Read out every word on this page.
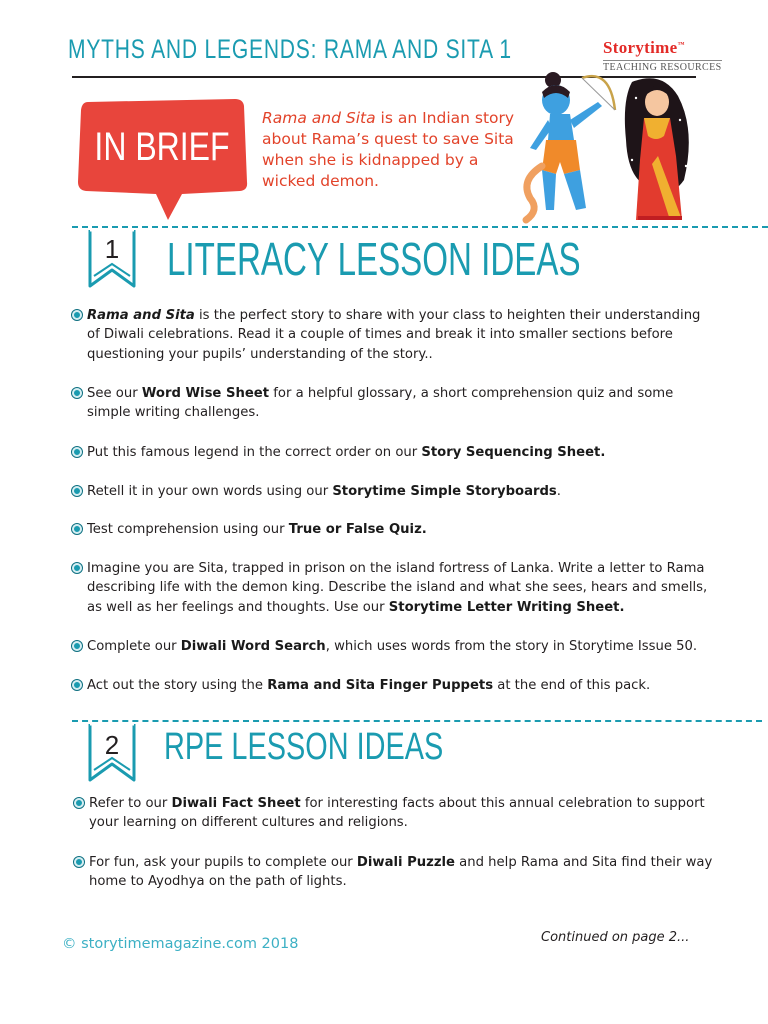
MYTHS AND LEGENDS: RAMA AND SITA 1	Storytime™
TEACHING RESOURCES
IN BRIEF
Rama and Sita is an Indian story about Rama’s quest to save Sita when she is kidnapped by a wicked demon.
1 LITERACY LESSON IDEAS
Rama and Sita is the perfect story to share with your class to heighten their understanding of Diwali celebrations. Read it a couple of times and break it into smaller sections before questioning your pupils’ understanding of the story..
See our Word Wise Sheet for a helpful glossary, a short comprehension quiz and some simple writing challenges.
Put this famous legend in the correct order on our Story Sequencing Sheet.
Retell it in your own words using our Storytime Simple Storyboards.
Test comprehension using our True or False Quiz.
Imagine you are Sita, trapped in prison on the island fortress of Lanka. Write a letter to Rama describing life with the demon king. Describe the island and what she sees, hears and smells, as well as her feelings and thoughts. Use our Storytime Letter Writing Sheet.
Complete our Diwali Word Search, which uses words from the story in Storytime Issue 50.
Act out the story using the Rama and Sita Finger Puppets at the end of this pack.
2 RPE LESSON IDEAS
Refer to our Diwali Fact Sheet for interesting facts about this annual celebration to support your learning on different cultures and religions.
For fun, ask your pupils to complete our Diwali Puzzle and help Rama and Sita find their way home to Ayodhya on the path of lights.
Continued on page 2...
© storytimemagazine.com 2018
